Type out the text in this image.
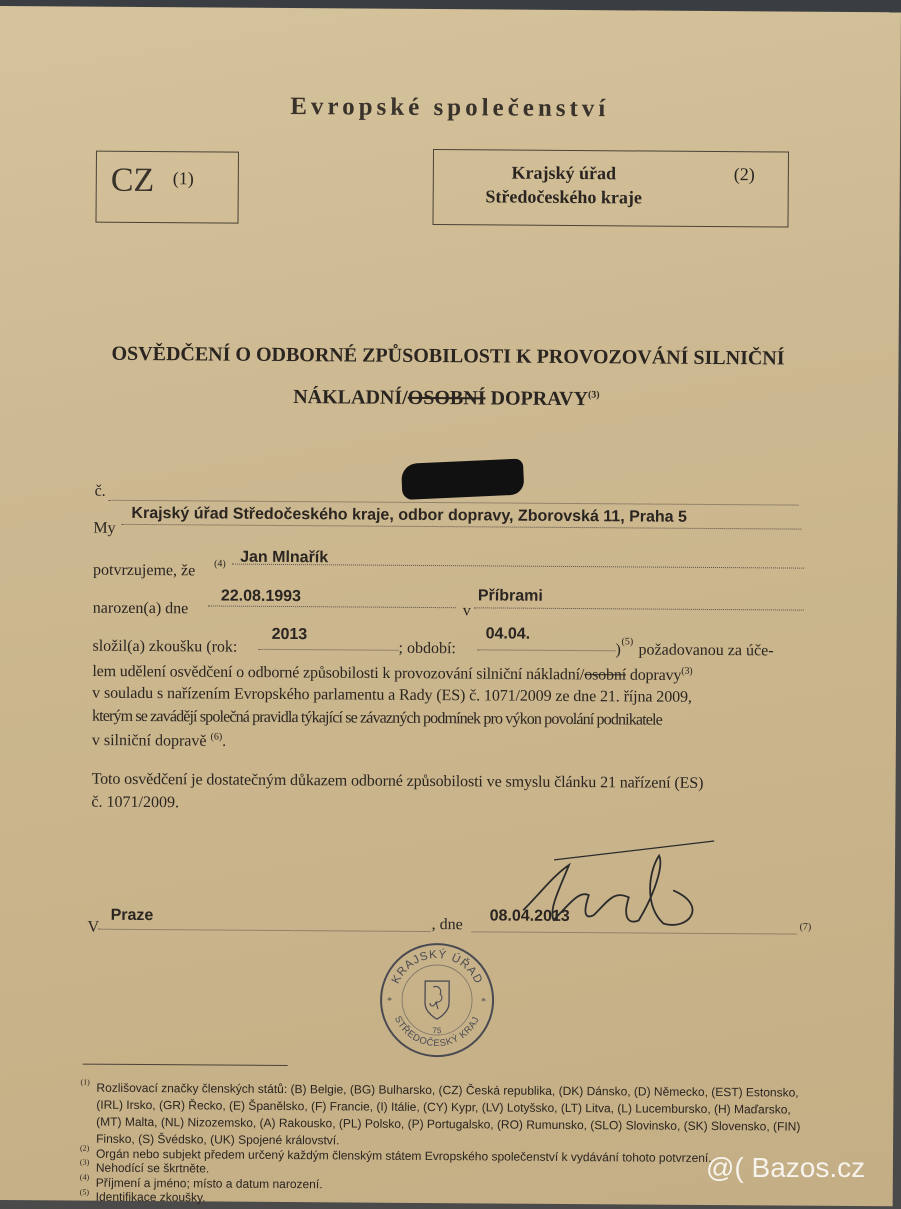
Evropské společenství
CZ (1)	Krajský úřad
Středočeského kraje
(2)
OSVĚDČENÍ O ODBORNÉ ZPŮSOBILOSTI K PROVOZOVÁNÍ SILNIČNÍ
NÁKLADNÍ/OSOBNÍ DOPRAVY$^{(3)}$
č.
My
Krajský úřad Středočeského kraje, odbor dopravy, Zborovská 11, Praha 5
potvrzujeme, že (4) Jan Mlnařík
narozen(a) dne
22.08.1993
v
Příbrami
složil(a) zkoušku (rok:
2013
; období:
04.04.
) (5) požadovanou za úče-
lem udělení osvědčení o odborné způsobilosti k provozování silniční nákladní/osobní dopravy$^{(3)}$
v souladu s nařízením Evropského parlamentu a Rady (ES) č. 1071/2009 ze dne 21. října 2009,
kterým se zavádějí společná pravidla týkající se závazných podmínek pro výkon povolání podnikatele
v silniční dopravě $^{(6)}$.
Toto osvědčení je dostatečným důkazem odborné způsobilosti ve smyslu článku 21 nařízení (ES)
č. 1071/2009.
V
Praze
, dne 08.04.2013
(7)
KRAJSKÝ ÚŘAD
STŘEDOČESKÝ KRAJ
*	*
75
(1) Rozlišovací značky členských států: (B) Belgie, (BG) Bulharsko, (CZ) Česká republika, (DK) Dánsko, (D) Německo, (EST) Estonsko,
(IRL) Irsko, (GR) Řecko, (E) Španělsko, (F) Francie, (I) Itálie, (CY) Kypr, (LV) Lotyšsko, (LT) Litva, (L) Lucembursko, (H) Maďarsko,
(MT) Malta, (NL) Nizozemsko, (A) Rakousko, (PL) Polsko, (P) Portugalsko, (RO) Rumunsko, (SLO) Slovinsko, (SK) Slovensko, (FIN)
Finsko, (S) Švédsko, (UK) Spojené království.
(2) Orgán nebo subjekt předem určený každým členským státem Evropského společenství k vydávání tohoto potvrzení.
(3) Nehodící se škrtněte.
(4) Příjmení a jméno; místo a datum narození.
(5) Identifikace zkoušky.
@( Bazos.cz
